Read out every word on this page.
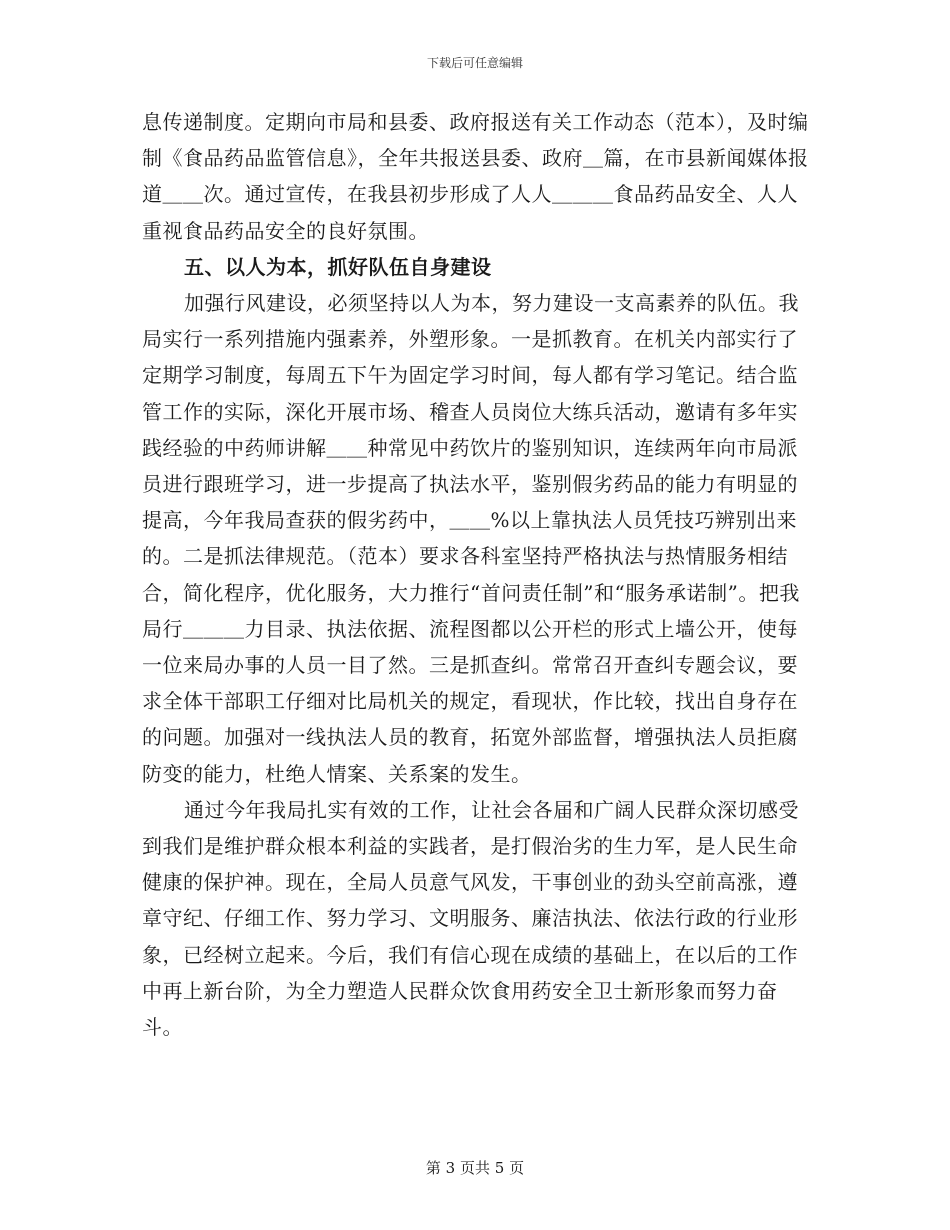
下载后可任意编辑

息传递制度。定期向市局和县委、政府报送有关工作动态（范本），及时编制《食品药品监管信息》，全年共报送县委、政府＿篇，在市县新闻媒体报道＿＿次。通过宣传，在我县初步形成了人人＿＿＿食品药品安全、人人重视食品药品安全的良好氛围。

五、以人为本，抓好队伍自身建设

加强行风建设，必须坚持以人为本，努力建设一支高素养的队伍。我局实行一系列措施内强素养，外塑形象。一是抓教育。在机关内部实行了定期学习制度，每周五下午为固定学习时间，每人都有学习笔记。结合监管工作的实际，深化开展市场、稽查人员岗位大练兵活动，邀请有多年实践经验的中药师讲解＿＿种常见中药饮片的鉴别知识，连续两年向市局派员进行跟班学习，进一步提高了执法水平，鉴别假劣药品的能力有明显的提高，今年我局查获的假劣药中，＿＿%以上靠执法人员凭技巧辨别出来的。二是抓法律规范。（范本）要求各科室坚持严格执法与热情服务相结合，简化程序，优化服务，大力推行“首问责任制”和“服务承诺制”。把我局行＿＿＿力目录、执法依据、流程图都以公开栏的形式上墙公开，使每一位来局办事的人员一目了然。三是抓查纠。常常召开查纠专题会议，要求全体干部职工仔细对比局机关的规定，看现状，作比较，找出自身存在的问题。加强对一线执法人员的教育，拓宽外部监督，增强执法人员拒腐防变的能力，杜绝人情案、关系案的发生。

通过今年我局扎实有效的工作，让社会各届和广阔人民群众深切感受到我们是维护群众根本利益的实践者，是打假治劣的生力军，是人民生命健康的保护神。现在，全局人员意气风发，干事创业的劲头空前高涨，遵章守纪、仔细工作、努力学习、文明服务、廉洁执法、依法行政的行业形象，已经树立起来。今后，我们有信心现在成绩的基础上，在以后的工作中再上新台阶，为全力塑造人民群众饮食用药安全卫士新形象而努力奋斗。

第 3 页共 5 页
